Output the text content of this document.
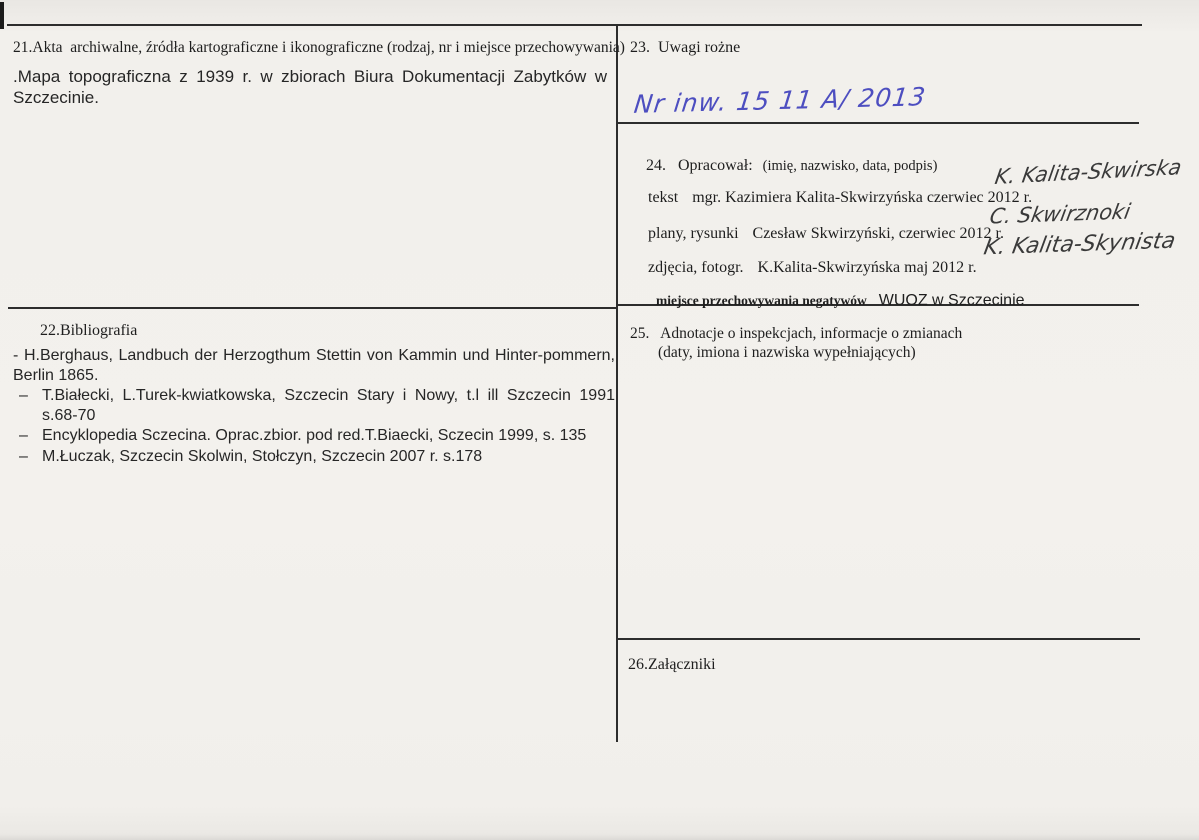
21.Akta  archiwalne, źródła kartograficzne i ikonograficzne (rodzaj, nr i miejsce przechowywania)
.Mapa topograficzna z 1939 r. w zbiorach Biura Dokumentacji Zabytków w Szczecinie.
22.Bibliografia
- H.Berghaus, Landbuch der Herzogthum Stettin von Kammin und Hinter-pommern, Berlin 1865.
– T.Białecki, L.Turek-kwiatkowska, Szczecin Stary i Nowy, t.l ill Szczecin 1991 s.68-70
– Encyklopedia Sczecina. Oprac.zbior. pod red.T.Biaecki, Sczecin 1999, s. 135
– M.Łuczak, Szczecin Skolwin, Stołczyn, Szczecin 2007 r. s.178
23.  Uwagi rożne
Nr inw. 15 11 A/ 2013

24.   Opracował: (imię, nazwisko, data, podpis)

tekst mgr. Kazimiera Kalita-Skwirzyńska czerwiec 2012 r.

plany, rysunki Czesław Skwirzyński, czerwiec 2012 r.

zdjęcia, fotogr. K.Kalita-Skwirzyńska maj 2012 r.

miejsce przechowywania negatywów WUOZ w Szczecinie

K. Kalita-Skwirska
C. Skwirznoki
K. Kalita-Skynista
25.   Adnotacje o inspekcjach, informacje o zmianach
(daty, imiona i nazwiska wypełniających)
26.Załączniki
